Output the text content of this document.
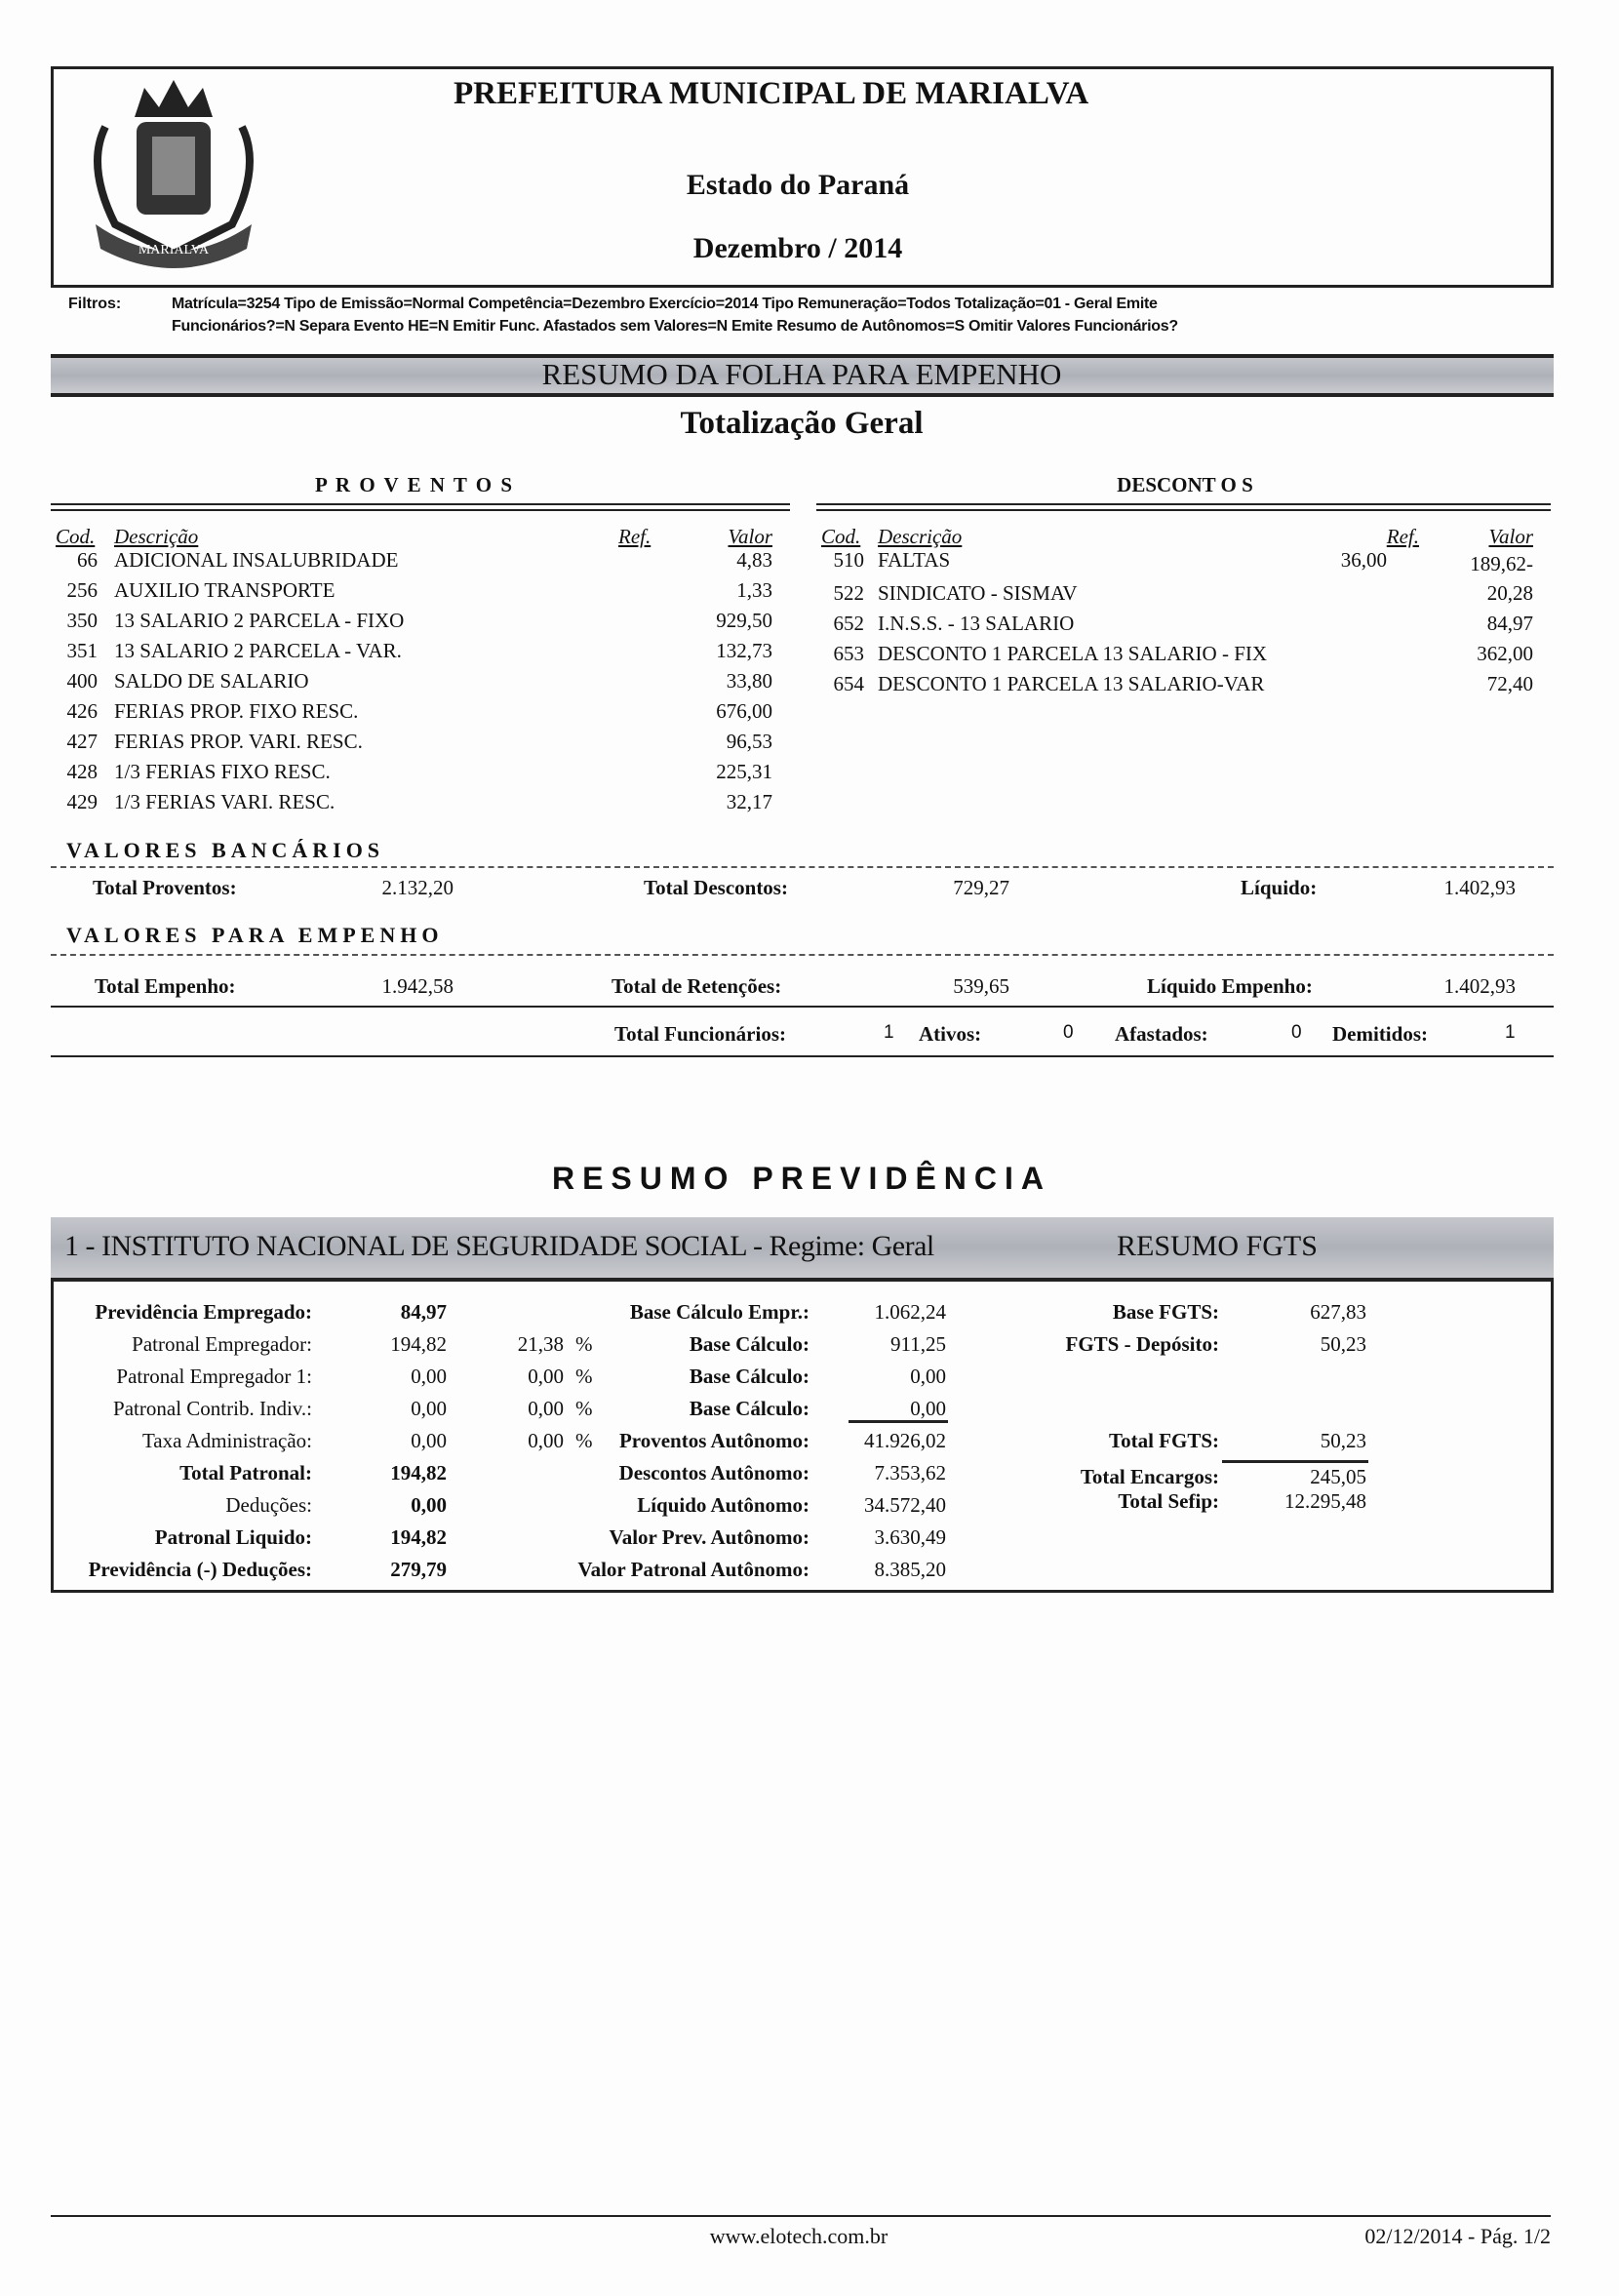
MARIALVA
PREFEITURA MUNICIPAL DE MARIALVA
Estado do Paraná
Dezembro / 2014
Filtros:	Matrícula=3254 Tipo de Emissão=Normal Competência=Dezembro Exercício=2014 Tipo Remuneração=Todos Totalização=01 - Geral Emite
Funcionários?=N Separa Evento HE=N Emitir Func. Afastados sem Valores=N Emite Resumo de Autônomos=S Omitir Valores Funcionários?
RESUMO DA FOLHA PARA EMPENHO
Totalização Geral
P R O V E N T O S	DESCONT O S
Cod. Descrição	Ref.	Valor Cod. Descrição	Ref.	Valor
66 ADICIONAL INSALUBRIDADE	4,83
256 AUXILIO TRANSPORTE	1,33
350 13 SALARIO 2 PARCELA - FIXO	929,50
351 13 SALARIO 2 PARCELA - VAR.	132,73
400 SALDO DE SALARIO	33,80
426 FERIAS PROP. FIXO RESC.	676,00
427 FERIAS PROP. VARI. RESC.	96,53
428 1/3 FERIAS FIXO RESC.	225,31
429 1/3 FERIAS VARI. RESC.	32,17
510 FALTAS	36,00	189,62-
522 SINDICATO - SISMAV	20,28
652 I.N.S.S. - 13 SALARIO	84,97
653 DESCONTO 1 PARCELA 13 SALARIO - FIX	362,00
654 DESCONTO 1 PARCELA 13 SALARIO-VAR	72,40
VALORES BANCÁRIOS
Total Proventos:	2.132,20	Total Descontos:	729,27	Líquido:	1.402,93
VALORES PARA EMPENHO
Total Empenho:	1.942,58	Total de Retenções:	539,65	Líquido Empenho:	1.402,93
Total Funcionários:	1 Ativos:	0 Afastados:	0 Demitidos:	1
RESUMO PREVIDÊNCIA
1 - INSTITUTO NACIONAL DE SEGURIDADE SOCIAL - Regime: Geral	RESUMO FGTS
Previdência Empregado:	84,97	Base Cálculo Empr.:	1.062,24	Base FGTS:	627,83
Patronal Empregador:	194,82	21,38 %	Base Cálculo:	911,25	FGTS - Depósito:	50,23
Patronal Empregador 1:	0,00	0,00 %	Base Cálculo:	0,00
Patronal Contrib. Indiv.:	0,00	0,00 %	Base Cálculo:	0,00
Taxa Administração:	0,00	0,00 % Proventos Autônomo:	41.926,02	Total FGTS:	50,23
Total Patronal:	194,82	Descontos Autônomo:	7.353,62	Total Encargos:	245,05
Deduções:	0,00	Líquido Autônomo:	34.572,40	Total Sefip:	12.295,48
Patronal Liquido:	194,82	Valor Prev. Autônomo:	3.630,49
Previdência (-) Deduções:	279,79	Valor Patronal Autônomo:	8.385,20
www.elotech.com.br	02/12/2014 - Pág. 1/2
